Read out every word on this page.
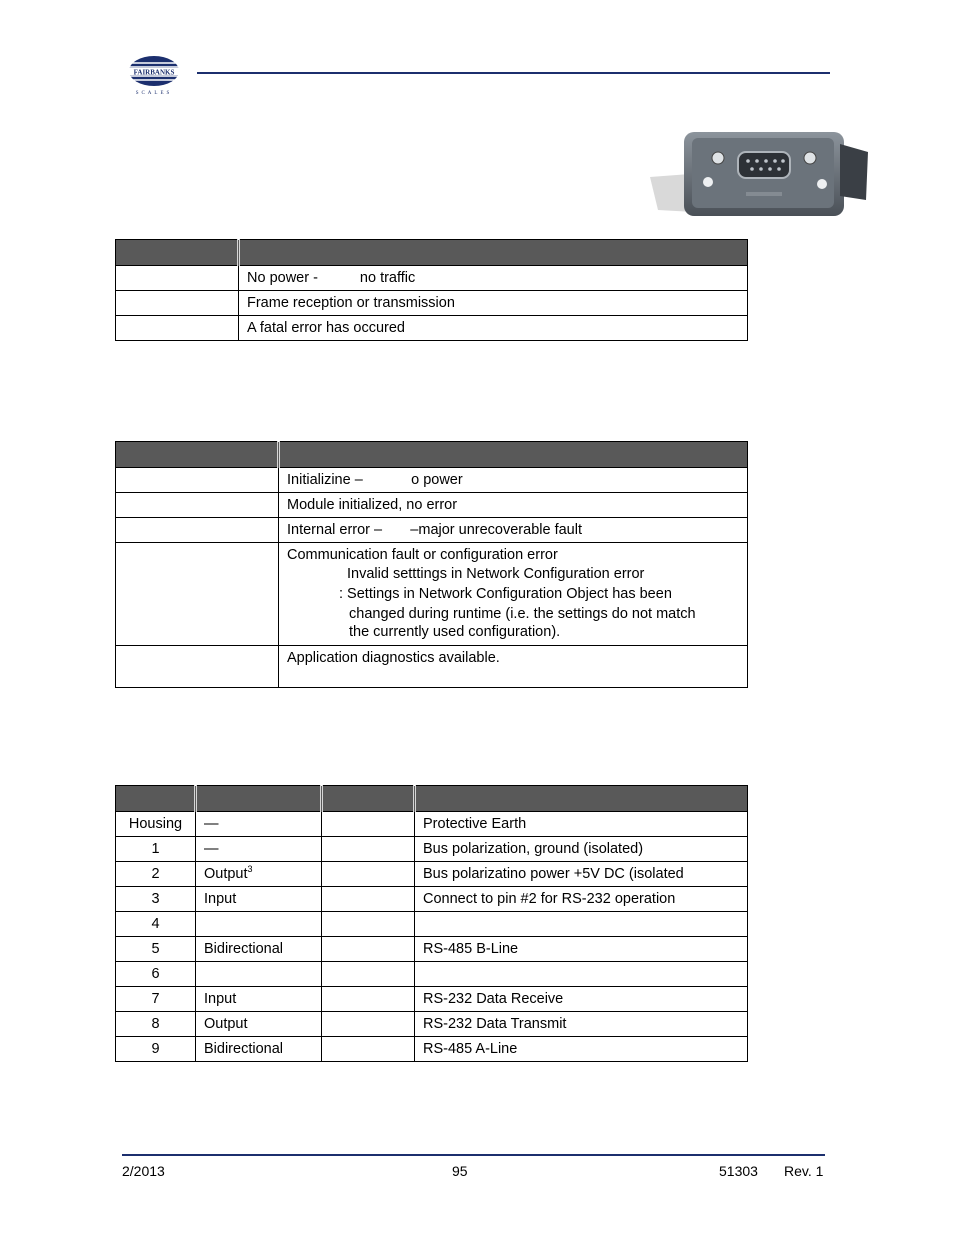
FAIRBANKS
SCALES

	No power - no traffic
	Frame reception or transmission
	A fatal error has occured

	Initializine –            o power
	Module initialized, no error
	Internal error –       –major unrecoverable fault

	Communication fault or configuration error
Invalid setttings in Network Configuration error
: Settings in Network Configuration Object has been
changed during runtime (i.e. the settings do not match
the currently used configuration).

	Application diagnostics available.

Housing	—		Protective Earth
1	—		Bus polarization, ground (isolated)
2	Output$^3$		Bus polarizatino power +5V DC (isolated
3	Input		Connect to pin #2 for RS-232 operation
4			
5	Bidirectional		RS-485 B-Line
6			
7	Input		RS-232 Data Receive
8	Output		RS-232 Data Transmit
9	Bidirectional		RS-485 A-Line
2/2013	95	51303 Rev. 1
